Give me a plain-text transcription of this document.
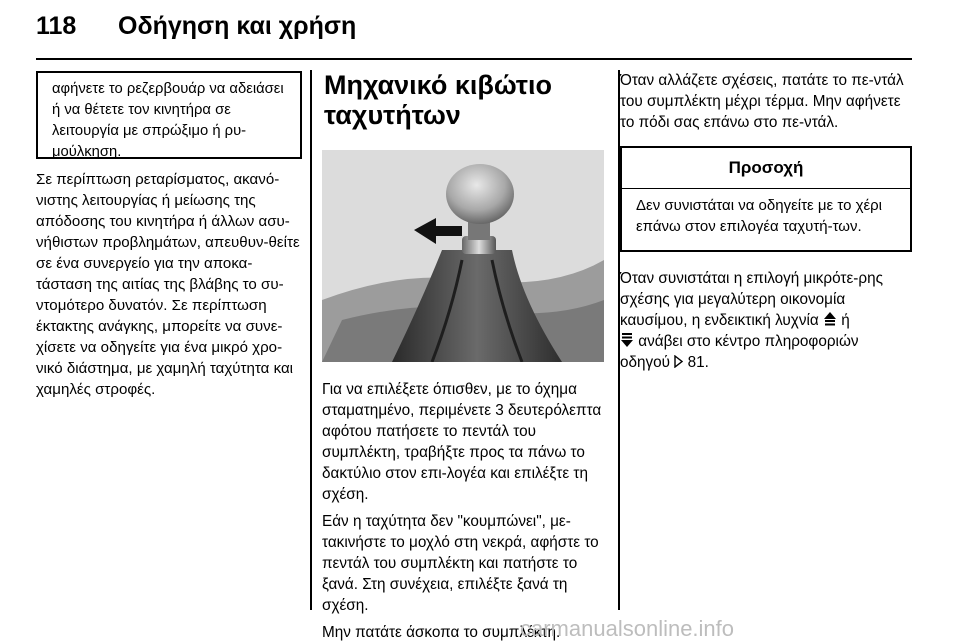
118 Οδήγηση και χρήση

αφήνετε το ρεζερβουάρ να αδειάσει ή να θέτετε τον κινητήρα σε λειτουργία με σπρώξιμο ή ρυ-μούλκηση.

Σε περίπτωση ρεταρίσματος, ακανό-νιστης λειτουργίας ή μείωσης της απόδοσης του κινητήρα ή άλλων ασυ-νήθιστων προβλημάτων, απευθυν-θείτε σε ένα συνεργείο για την αποκα-τάσταση της αιτίας της βλάβης το συ-ντομότερο δυνατόν. Σε περίπτωση έκτακτης ανάγκης, μπορείτε να συνε-χίσετε να οδηγείτε για ένα μικρό χρο-νικό διάστημα, με χαμηλή ταχύτητα και χαμηλές στροφές.

Μηχανικό κιβώτιο
ταχυτήτων

Για να επιλέξετε όπισθεν, με το όχημα σταματημένο, περιμένετε 3 δευτερόλεπτα αφότου πατήσετε το πεντάλ του συμπλέκτη, τραβήξτε προς τα πάνω το δακτύλιο στον επι-λογέα και επιλέξτε τη σχέση.

Εάν η ταχύτητα δεν "κουμπώνει", με-τακινήστε το μοχλό στη νεκρά, αφήστε το πεντάλ του συμπλέκτη και πατήστε το ξανά. Στη συνέχεια, επιλέξτε ξανά τη σχέση.

Μην πατάτε άσκοπα το συμπλέκτη.

Όταν αλλάζετε σχέσεις, πατάτε το πε-ντάλ του συμπλέκτη μέχρι τέρμα. Μην αφήνετε το πόδι σας επάνω στο πε-ντάλ.

Προσοχή
Δεν συνιστάται να οδηγείτε με το χέρι επάνω στον επιλογέα ταχυτή-των.

Όταν συνιστάται η επιλογή μικρότε-ρης σχέσης για μεγαλύτερη οικονομία καυσίμου, η ενδεικτική λυχνία ή
ανάβει στο κέντρο πληροφοριών οδηγού 81.

carmanualsonline.info
